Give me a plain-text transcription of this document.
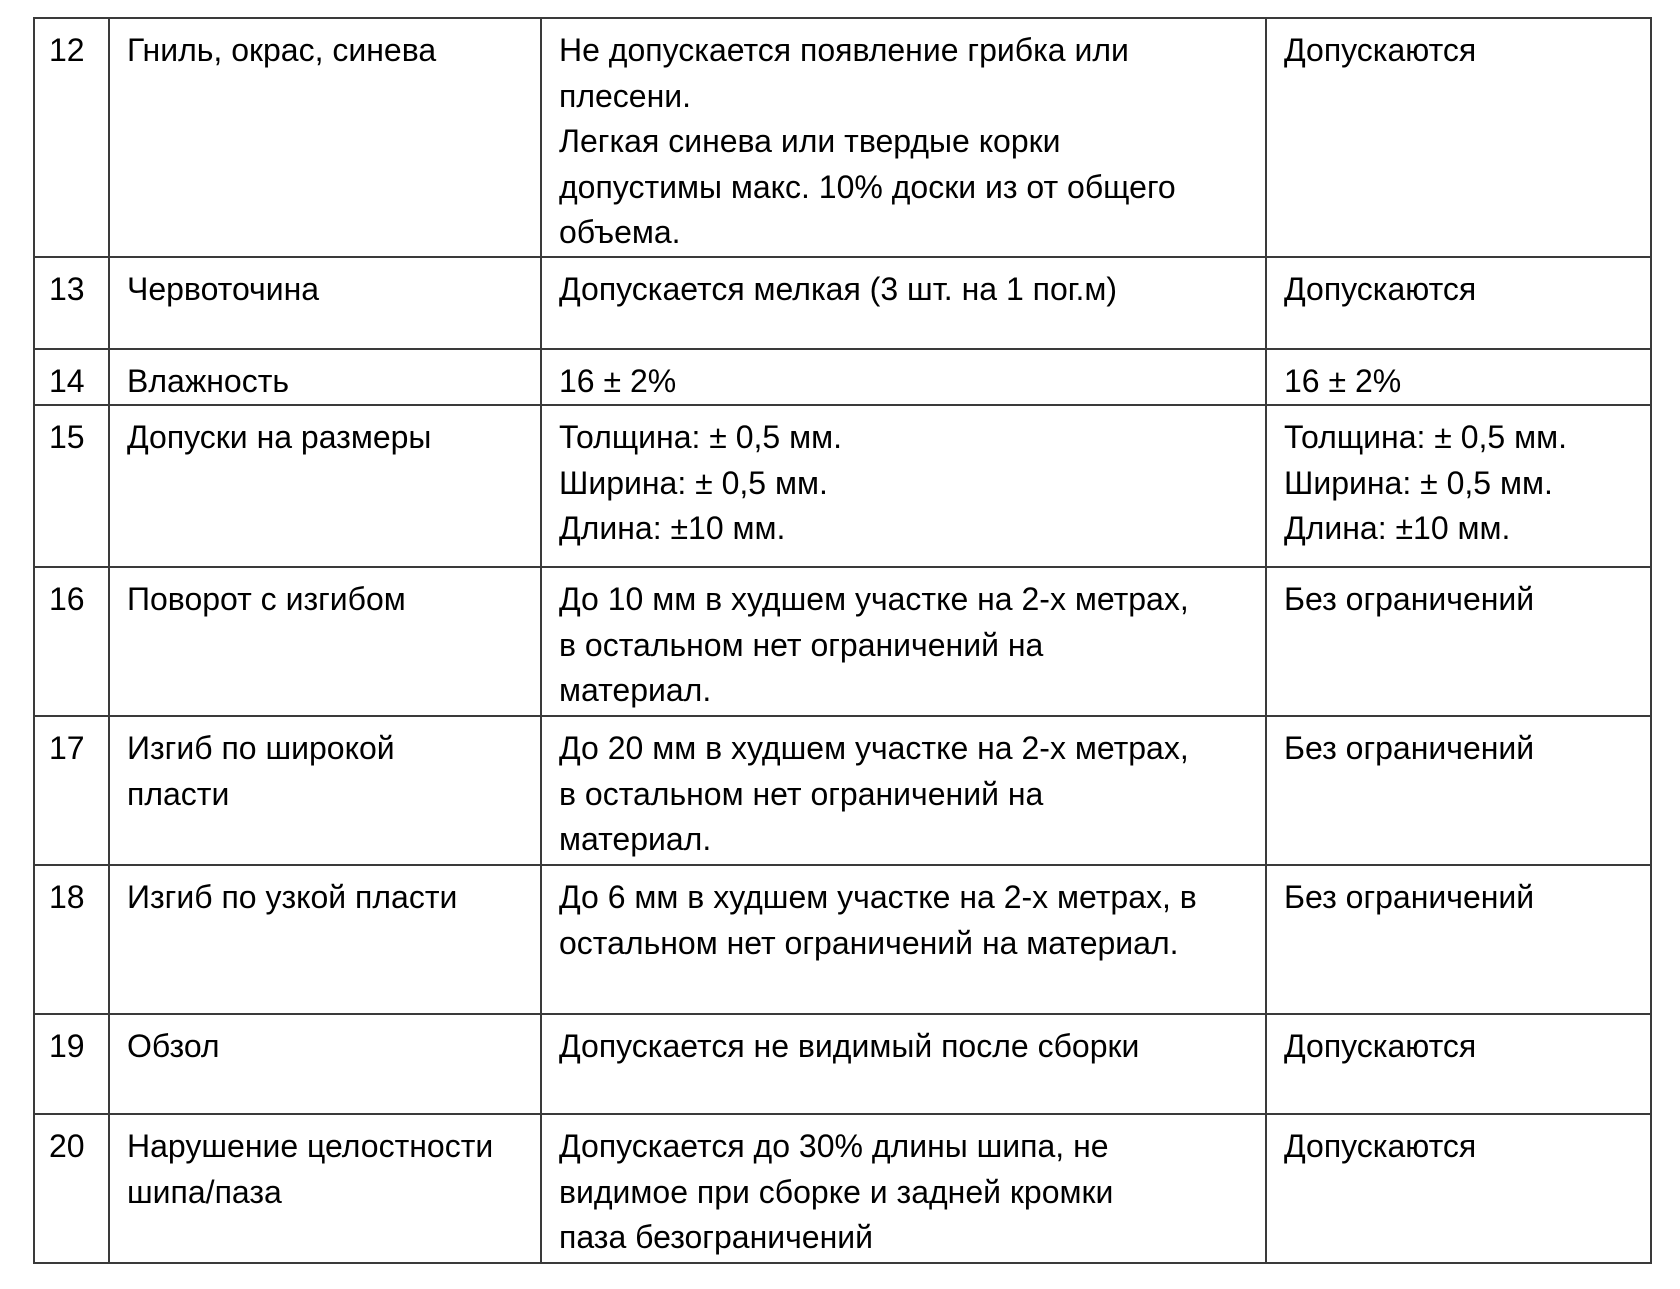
12	Гниль, окрас, синева	Не допускается появление грибка или
плесени.
Легкая синева или твердые корки
допустимы макс. 10% доски из от общего
объема.	Допускаются

13	Червоточина	Допускается мелкая (3 шт. на 1 пог.м)	Допускаются

14	Влажность	16 ± 2%	16 ± 2%

15	Допуски на размеры	Толщина: ± 0,5 мм.
Ширина: ± 0,5 мм.
Длина: ±10 мм.	Толщина: ± 0,5 мм.
Ширина: ± 0,5 мм.
Длина: ±10 мм.

16	Поворот с изгибом	До 10 мм в худшем участке на 2-х метрах,
в остальном нет ограничений на
материал.	Без ограничений

17	Изгиб по широкой
пласти	До 20 мм в худшем участке на 2-х метрах,
в остальном нет ограничений на
материал.	Без ограничений

18	Изгиб по узкой пласти	До 6 мм в худшем участке на 2-х метрах, в
остальном нет ограничений на материал.	Без ограничений

19	Обзол	Допускается не видимый после сборки	Допускаются

20	Нарушение целостности
шипа/паза	Допускается до 30% длины шипа, не
видимое при сборке и задней кромки
паза безограничений	Допускаются
